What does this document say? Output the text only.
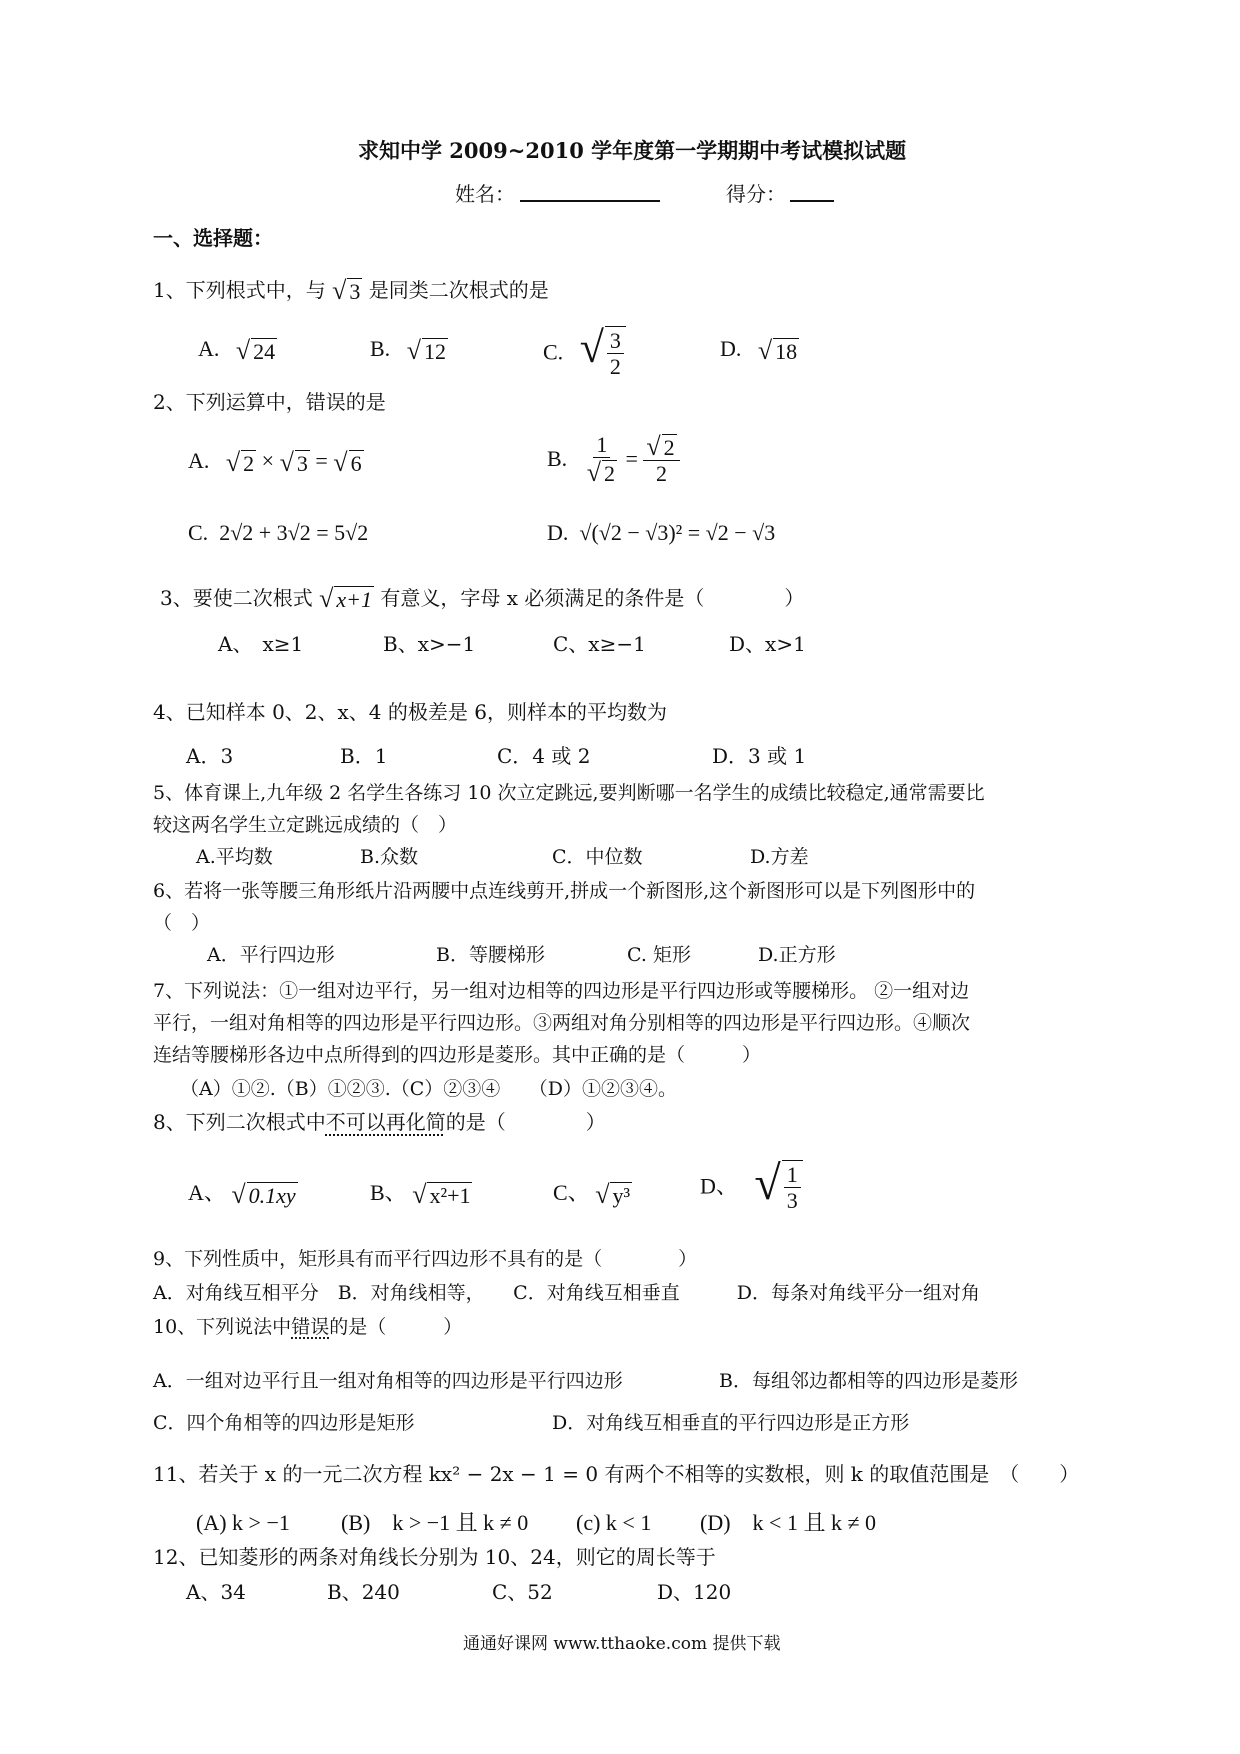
求知中学 2009~2010 学年度第一学期期中考试模拟试题
姓名：	得分：
一、选择题：
1、下列根式中，与 √ 3 是同类二次根式的是
A. √ 24	B. √ 12	C. √ $\frac{3}{2}$	D. √ 18
2、下列运算中，错误的是
A. √ 2 × √ 3 = √ 6	B. $\frac{1}{√ 2} = \frac{√ 2}{2}$
C. 2√2 + 3√2 = 5√2	D. √(√2 − √3)² = √2 − √3
3、要使二次根式 √ x+1 有意义，字母 x 必须满足的条件是（　　　　）
A、　x≥1	B、x>−1	C、x≥−1	D、x>1
4、已知样本 0、2、x、4 的极差是 6，则样本的平均数为
A．3	B．1	C．4 或 2	D．3 或 1
5、体育课上,九年级 2 名学生各练习 10 次立定跳远,要判断哪一名学生的成绩比较稳定,通常需要比
较这两名学生立定跳远成绩的（　）
A.平均数	B.众数	C．中位数	D.方差
6、若将一张等腰三角形纸片沿两腰中点连线剪开,拼成一个新图形,这个新图形可以是下列图形中的
（　）
A．平行四边形	B．等腰梯形	C. 矩形	D.正方形
7、下列说法：①一组对边平行，另一组对边相等的四边形是平行四边形或等腰梯形。 ②一组对边
平行，一组对角相等的四边形是平行四边形。③两组对角分别相等的四边形是平行四边形。④顺次
连结等腰梯形各边中点所得到的四边形是菱形。其中正确的是（　　　）
（A）①②.（B）①②③.（C）②③④　　（D）①②③④。
8、下列二次根式中不可以再化简的是（　　　　）
A、 √ 0.1xy	B、 √ x²+1	C、 √ y³	D、 √ $\frac{1}{3}$
9、下列性质中，矩形具有而平行四边形不具有的是（　　　　）
A．对角线互相平分　B．对角线相等，　　C．对角线互相垂直　　　D．每条对角线平分一组对角
10、下列说法中错误的是（　　　）
A．一组对边平行且一组对角相等的四边形是平行四边形	B．每组邻边都相等的四边形是菱形
C．四个角相等的四边形是矩形	D．对角线互相垂直的平行四边形是正方形
11、若关于 x 的一元二次方程 kx² − 2x − 1 = 0 有两个不相等的实数根，则 k 的取值范围是　（　　）
(A) k > −1 (B)　k > −1 且 k ≠ 0 (c) k < 1 (D)　k < 1 且 k ≠ 0
12、已知菱形的两条对角线长分别为 10、24，则它的周长等于
A、34	B、240	C、52	D、120
通通好课网 www.tthaoke.com 提供下载
